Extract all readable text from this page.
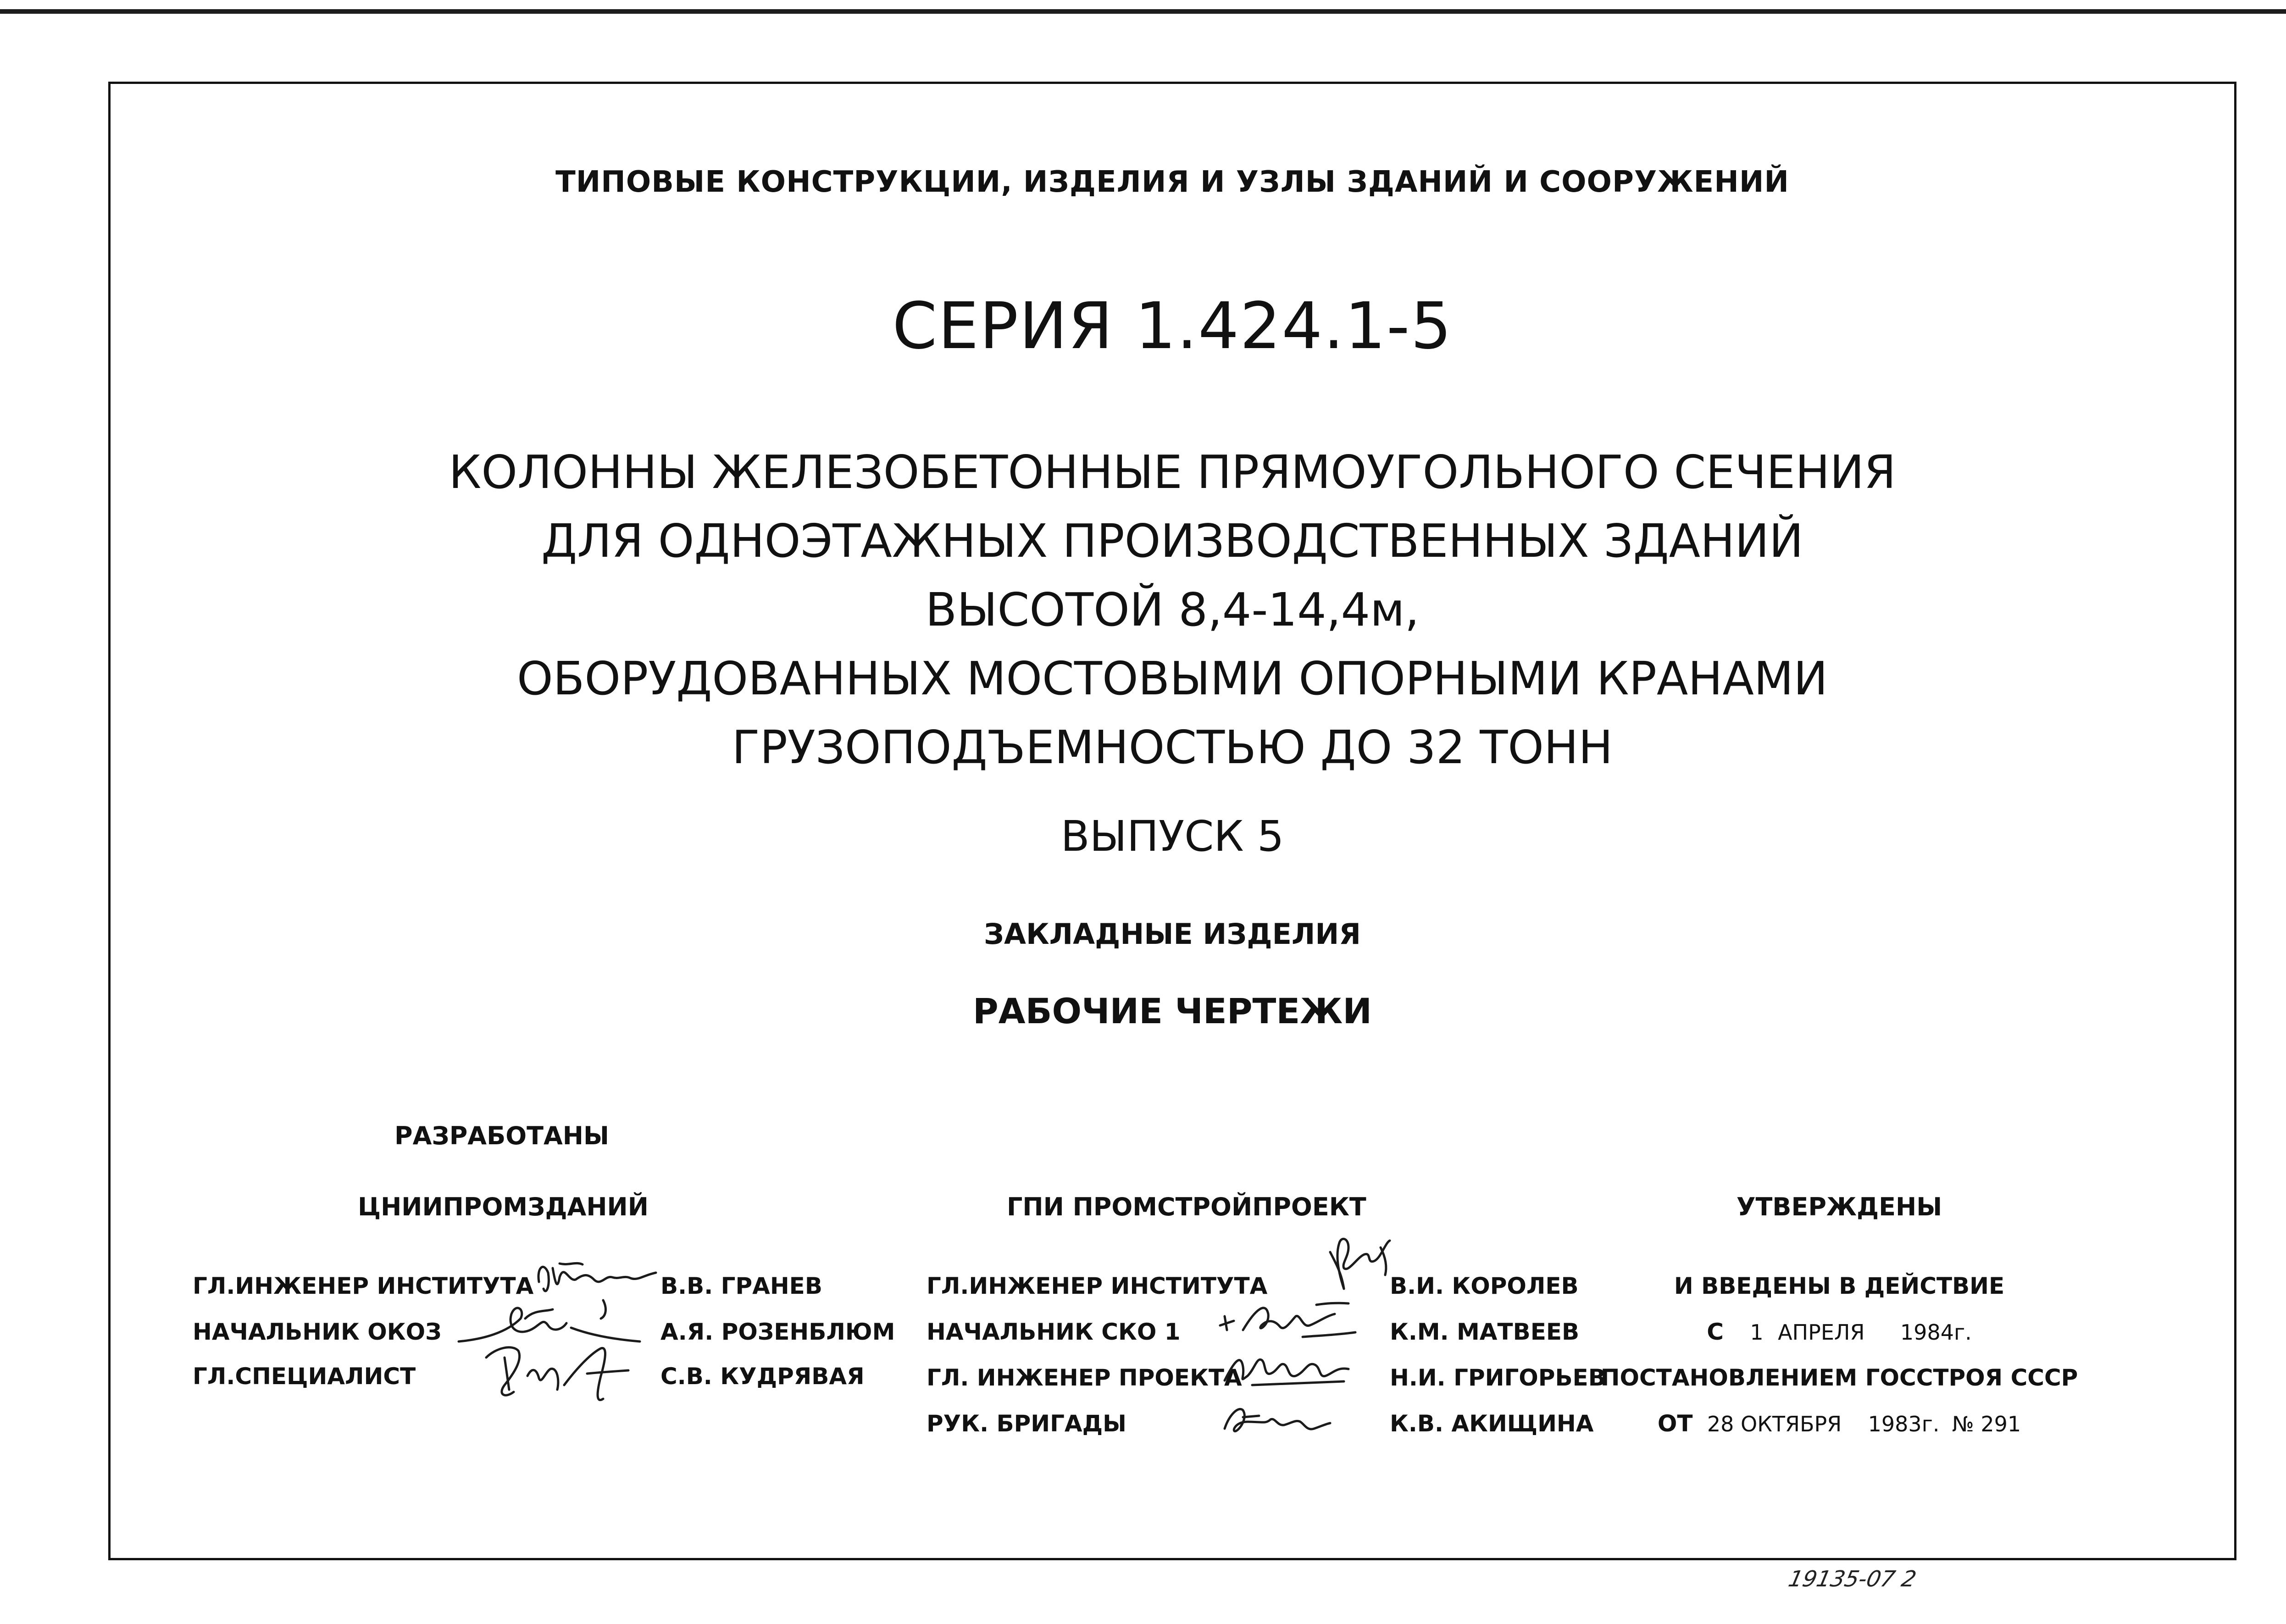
ТИПОВЫЕ КОНСТРУКЦИИ, ИЗДЕЛИЯ И УЗЛЫ ЗДАНИЙ И СООРУЖЕНИЙ
СЕРИЯ 1.424.1-5
КОЛОННЫ ЖЕЛЕЗОБЕТОННЫЕ ПРЯМОУГОЛЬНОГО СЕЧЕНИЯ
ДЛЯ ОДНОЭТАЖНЫХ ПРОИЗВОДСТВЕННЫХ ЗДАНИЙ
ВЫСОТОЙ 8,4-14,4м,
ОБОРУДОВАННЫХ МОСТОВЫМИ ОПОРНЫМИ КРАНАМИ
ГРУЗОПОДЪЕМНОСТЬЮ ДО 32 ТОНН
ВЫПУСК 5
ЗАКЛАДНЫЕ ИЗДЕЛИЯ
РАБОЧИЕ ЧЕРТЕЖИ
РАЗРАБОТАНЫ
ЦНИИПРОМЗДАНИЙ
ГЛ.ИНЖЕНЕР ИНСТИТУТА	В.В. ГРАНЕВ
НАЧАЛЬНИК ОКОЗ	А.Я. РОЗЕНБЛЮМ
ГЛ.СПЕЦИАЛИСТ	С.В. КУДРЯВАЯ
ГПИ ПРОМСТРОЙПРОЕКТ
ГЛ.ИНЖЕНЕР ИНСТИТУТА	В.И. КОРОЛЕВ
НАЧАЛЬНИК СКО 1	К.М. МАТВЕЕВ
ГЛ. ИНЖЕНЕР ПРОЕКТА	Н.И. ГРИГОРЬЕВ
РУК. БРИГАДЫ	К.В. АКИЩИНА
УТВЕРЖДЕНЫ
И ВВЕДЕНЫ В ДЕЙСТВИЕ
С 1 АПРЕЛЯ 1984г.
ПОСТАНОВЛЕНИЕМ ГОССТРОЯ СССР
ОТ 28 ОКТЯБРЯ 1983г. № 291
19135-07 2
